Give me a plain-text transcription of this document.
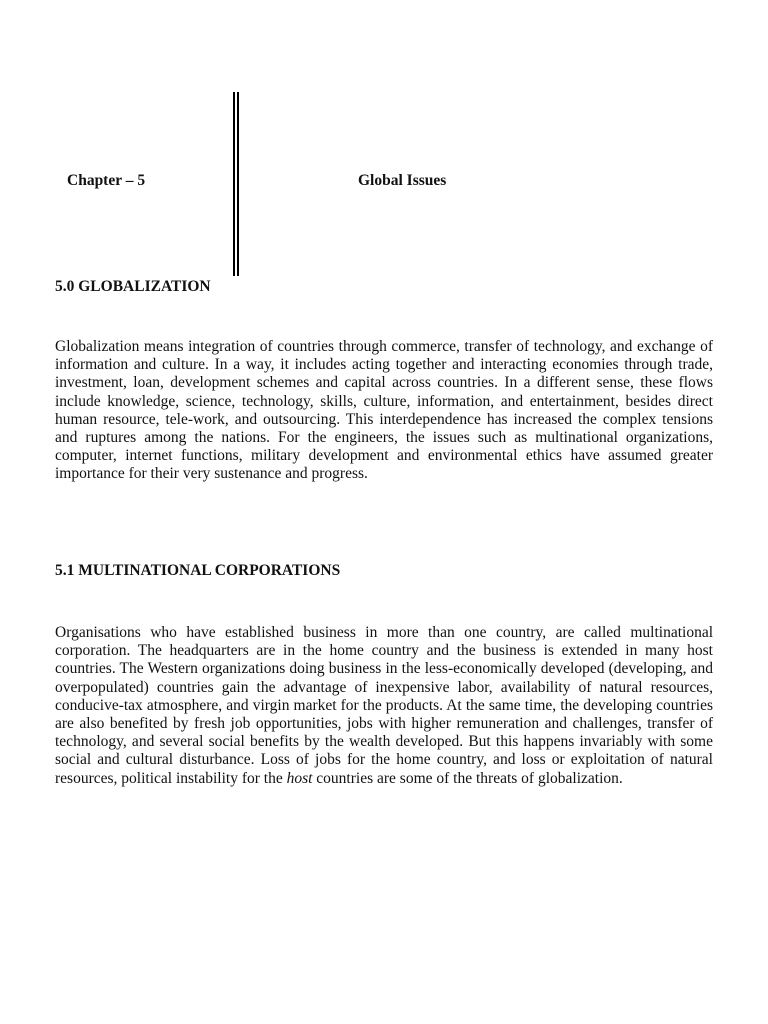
Chapter – 5	Global Issues
5.0 GLOBALIZATION

Globalization means integration of countries through commerce, transfer of technology, and exchange of information and culture. In a way, it includes acting together and interacting economies through trade, investment, loan, development schemes and capital across countries. In a different sense, these flows include knowledge, science, technology, skills, culture, information, and entertainment, besides direct human resource, tele-work, and outsourcing. This interdependence has increased the complex tensions and ruptures among the nations. For the engineers, the issues such as multinational organizations, computer, internet functions, military development and environmental ethics have assumed greater importance for their very sustenance and progress.

5.1 MULTINATIONAL CORPORATIONS

Organisations who have established business in more than one country, are called multinational corporation. The headquarters are in the home country and the business is extended in many host countries. The Western organizations doing business in the less-economically developed (developing, and overpopulated) countries gain the advantage of inexpensive labor, availability of natural resources, conducive-tax atmosphere, and virgin market for the products. At the same time, the developing countries are also benefited by fresh job opportunities, jobs with higher remuneration and challenges, transfer of technology, and several social benefits by the wealth developed. But this happens invariably with some social and cultural disturbance. Loss of jobs for the home country, and loss or exploitation of natural resources, political instability for the host countries are some of the threats of globalization.
